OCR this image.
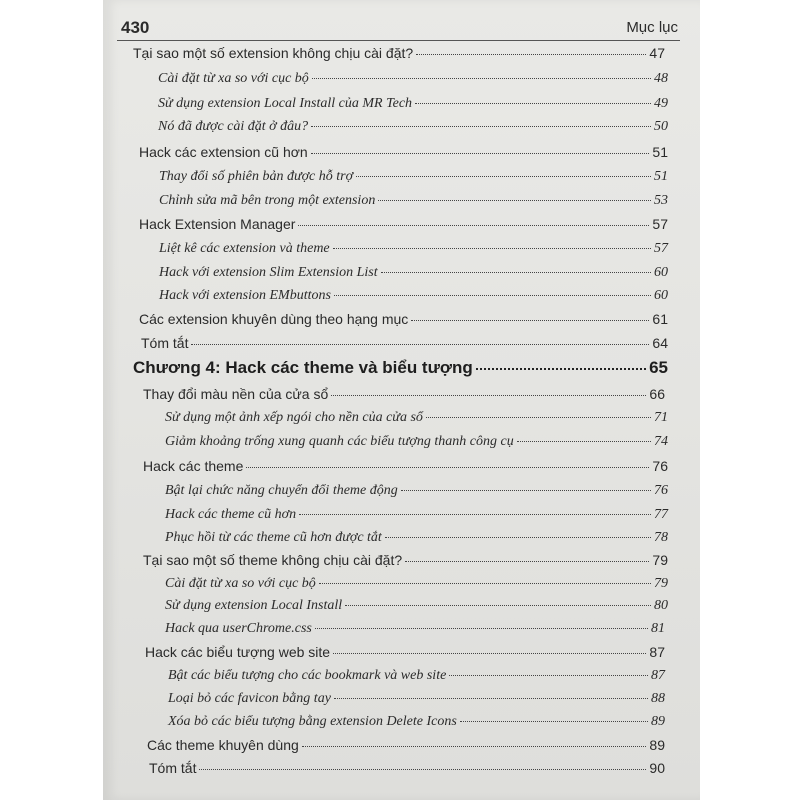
430	Mục lục
Tại sao một số extension không chịu cài đặt?	47
Cài đặt từ xa so với cục bộ	48
Sử dụng extension Local Install của MR Tech	49
Nó đã được cài đặt ở đâu?	50
Hack các extension cũ hơn	51
Thay đổi số phiên bản được hỗ trợ	51
Chỉnh sửa mã bên trong một extension	53
Hack Extension Manager	57
Liệt kê các extension và theme	57
Hack với extension Slim Extension List	60
Hack với extension EMbuttons	60
Các extension khuyên dùng theo hạng mục	61
Tóm tắt	64
Chương 4: Hack các theme và biểu tượng	65
Thay đổi màu nền của cửa sổ	66
Sử dụng một ảnh xếp ngói cho nền của cửa sổ	71
Giảm khoảng trống xung quanh các biểu tượng thanh công cụ	74
Hack các theme	76
Bật lại chức năng chuyển đổi theme động	76
Hack các theme cũ hơn	77
Phục hồi từ các theme cũ hơn được tắt	78
Tại sao một số theme không chịu cài đặt?	79
Cài đặt từ xa so với cục bộ	79
Sử dụng extension Local Install	80
Hack qua userChrome.css	81
Hack các biểu tượng web site	87
Bật các biểu tượng cho các bookmark và web site	87
Loại bỏ các favicon bằng tay	88
Xóa bỏ các biểu tượng bằng extension Delete Icons	89
Các theme khuyên dùng	89
Tóm tắt	90
